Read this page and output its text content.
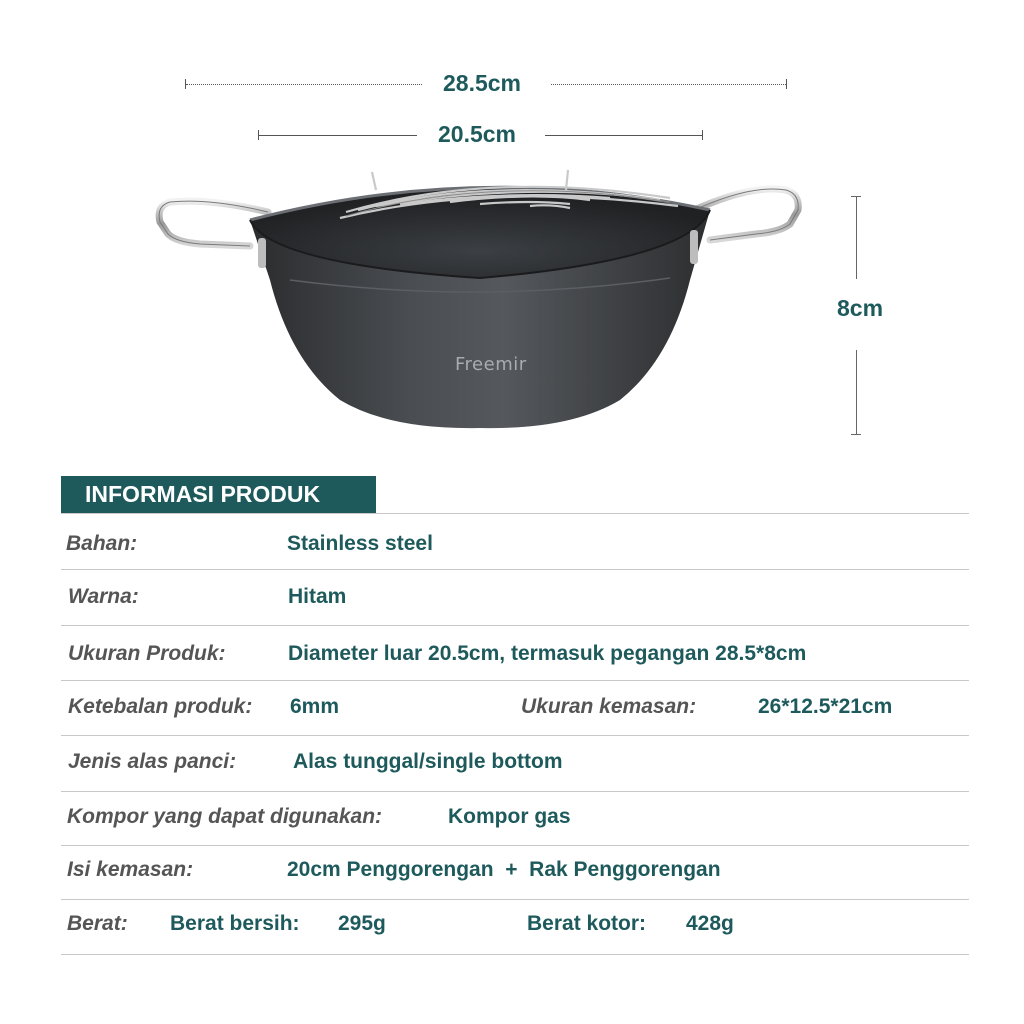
28.5cm
20.5cm
8cm
Freemir
INFORMASI PRODUK
Bahan:	Stainless steel
Warna:	Hitam
Ukuran Produk:	Diameter luar 20.5cm, termasuk pegangan 28.5*8cm
Ketebalan produk: 6mm	Ukuran kemasan:	26*12.5*21cm
Jenis alas panci:	Alas tunggal/single bottom
Kompor yang dapat digunakan:	Kompor gas
Isi kemasan:	20cm Penggorengan  +  Rak Penggorengan
Berat: Berat bersih: 295g	Berat kotor: 428g
